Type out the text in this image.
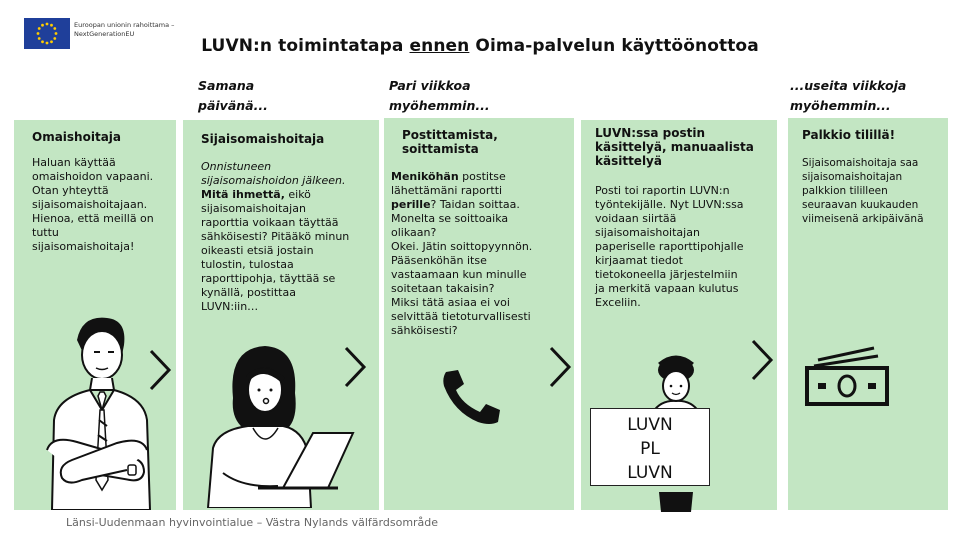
Euroopan unionin rahoittama –
NextGenerationEU
LUVN:n toimintatapa ennen Oima-palvelun käyttöönottoa
Samana
päivänä...
Pari viikkoa
myöhemmin...
...useita viikkoja
myöhemmin...
Omaishoitaja
Haluan käyttää
omaishoidon vapaani.
Otan yhteyttä
sijaisomaishoitajaan.
Hienoa, että meillä on
tuttu
sijaisomaishoitaja!
Sijaisomaishoitaja
Onnistuneen
sijaisomaishoidon jälkeen.
Mitä ihmettä, eikö
sijaisomaishoitajan
raporttia voikaan täyttää
sähköisesti? Pitääkö minun
oikeasti etsiä jostain
tulostin, tulostaa
raporttipohja, täyttää se
kynällä, postittaa
LUVN:iin…
Postittamista,
soittamista
Meniköhän postitse
lähettämäni raportti
perille? Taidan soittaa.
Monelta se soittoaika
olikaan?
Okei. Jätin soittopyynnön.
Pääsenköhän itse
vastaamaan kun minulle
soitetaan takaisin?
Miksi tätä asiaa ei voi
selvittää tietoturvallisesti
sähköisesti?
LUVN:ssa postin
käsittelyä, manuaalista
käsittelyä
Posti toi raportin LUVN:n
työntekijälle. Nyt LUVN:ssa
voidaan siirtää
sijaisomaishoitajan
paperiselle raporttipohjalle
kirjaamat tiedot
tietokoneella järjestelmiin
ja merkitä vapaan kulutus
Exceliin.
LUVN
PL
LUVN
Palkkio tilillä!
Sijaisomaishoitaja saa
sijaisomaishoitajan
palkkion tililleen
seuraavan kuukauden
viimeisenä arkipäivänä
Länsi-Uudenmaan hyvinvointialue – Västra Nylands välfärdsområde
